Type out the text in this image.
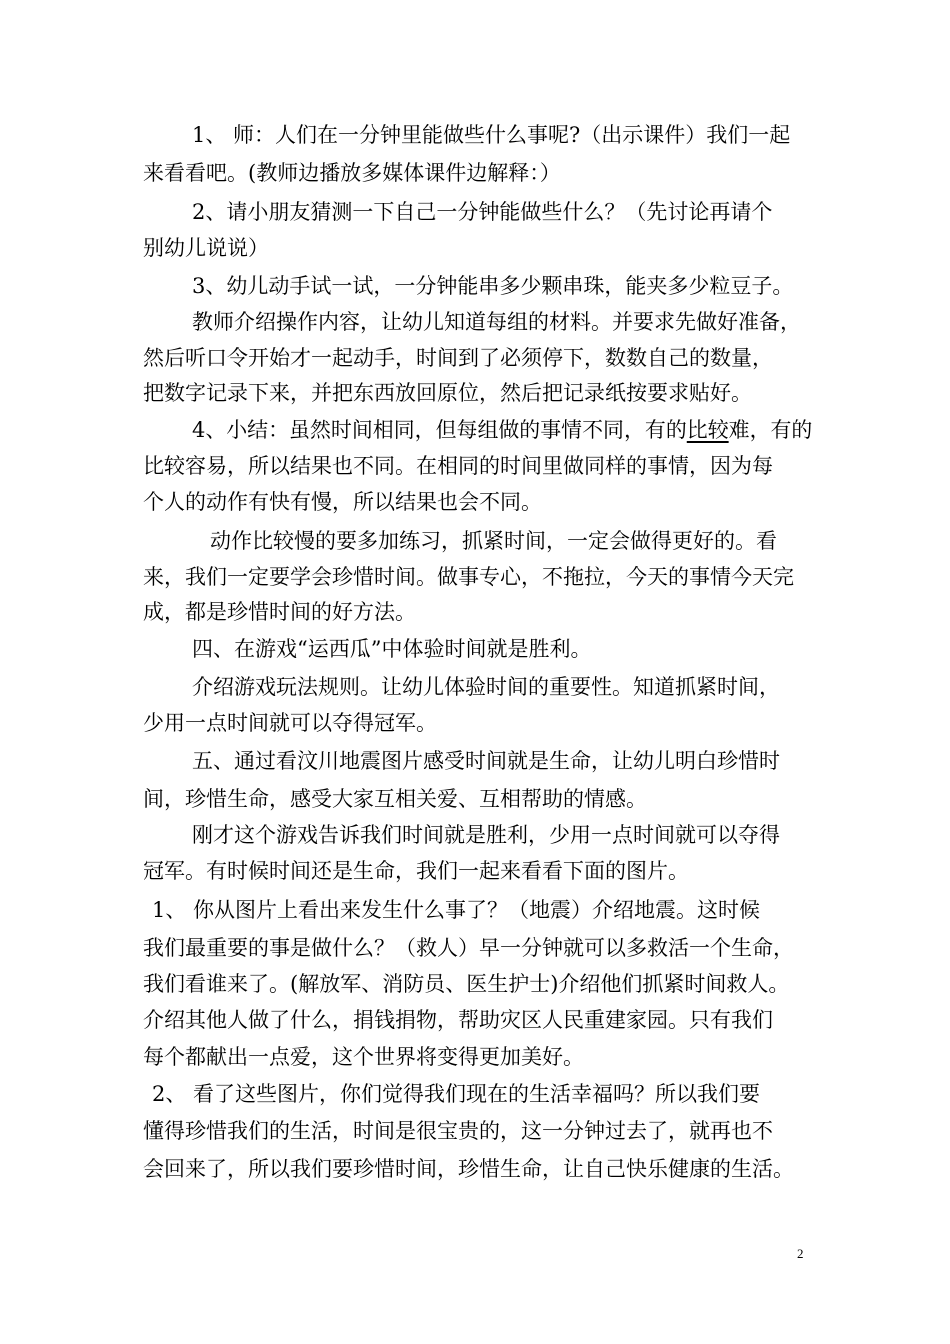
1、 师：人们在一分钟里能做些什么事呢?（出示课件）我们一起
来看看吧。(教师边播放多媒体课件边解释：）
2、请小朋友猜测一下自己一分钟能做些什么？（先讨论再请个
别幼儿说说）
3、幼儿动手试一试，一分钟能串多少颗串珠，能夹多少粒豆子。
教师介绍操作内容，让幼儿知道每组的材料。并要求先做好准备，
然后听口令开始才一起动手，时间到了必须停下，数数自己的数量，
把数字记录下来，并把东西放回原位，然后把记录纸按要求贴好。
4、小结：虽然时间相同，但每组做的事情不同，有的比较难，有的
比较容易，所以结果也不同。在相同的时间里做同样的事情，因为每
个人的动作有快有慢，所以结果也会不同。
动作比较慢的要多加练习，抓紧时间，一定会做得更好的。看
来，我们一定要学会珍惜时间。做事专心，不拖拉，今天的事情今天完
成，都是珍惜时间的好方法。
四、在游戏“运西瓜”中体验时间就是胜利。
介绍游戏玩法规则。让幼儿体验时间的重要性。知道抓紧时间，
少用一点时间就可以夺得冠军。
五、通过看汶川地震图片感受时间就是生命，让幼儿明白珍惜时
间，珍惜生命，感受大家互相关爱、互相帮助的情感。
刚才这个游戏告诉我们时间就是胜利，少用一点时间就可以夺得
冠军。有时候时间还是生命，我们一起来看看下面的图片。
1、 你从图片上看出来发生什么事了？（地震）介绍地震。这时候
我们最重要的事是做什么？（救人）早一分钟就可以多救活一个生命，
我们看谁来了。(解放军、消防员、医生护士)介绍他们抓紧时间救人。
介绍其他人做了什么，捐钱捐物，帮助灾区人民重建家园。只有我们
每个都献出一点爱，这个世界将变得更加美好。
2、 看了这些图片，你们觉得我们现在的生活幸福吗？所以我们要
懂得珍惜我们的生活，时间是很宝贵的，这一分钟过去了，就再也不
会回来了，所以我们要珍惜时间，珍惜生命，让自己快乐健康的生活。
2
